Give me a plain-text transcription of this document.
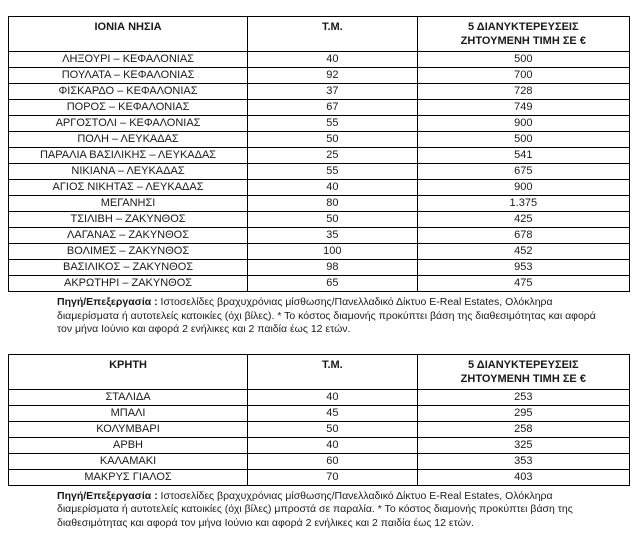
ΙΟΝΙΑ ΝΗΣΙΑ	Τ.Μ.	5 ΔΙΑΝΥΚΤΕΡΕΥΣΕΙΣ
ΖΗΤΟΥΜΕΝΗ ΤΙΜΗ ΣΕ €

ΛΗΞΟΥΡΙ – ΚΕΦΑΛΟΝΙΑΣ	40	500
ΠΟΥΛΑΤΑ – ΚΕΦΑΛΟΝΙΑΣ	92	700
ΦΙΣΚΑΡΔΟ – ΚΕΦΑΛΟΝΙΑΣ	37	728
ΠΟΡΟΣ – ΚΕΦΑΛΟΝΙΑΣ	67	749
ΑΡΓΟΣΤΟΛΙ – ΚΕΦΑΛΟΝΙΑΣ	55	900
ΠΟΛΗ – ΛΕΥΚΑΔΑΣ	50	500
ΠΑΡΑΛΙΑ ΒΑΣΙΛΙΚΗΣ – ΛΕΥΚΑΔΑΣ	25	541
ΝΙΚΙΑΝΑ – ΛΕΥΚΑΔΑΣ	55	675
ΑΓΙΟΣ ΝΙΚΗΤΑΣ – ΛΕΥΚΑΔΑΣ	40	900
ΜΕΓΑΝΗΣΙ	80	1.375
ΤΣΙΛΙΒΗ – ΖΑΚΥΝΘΟΣ	50	425
ΛΑΓΑΝΑΣ – ΖΑΚΥΝΘΟΣ	35	678
ΒΟΛΙΜΕΣ – ΖΑΚΥΝΘΟΣ	100	452
ΒΑΣΙΛΙΚΟΣ – ΖΑΚΥΝΘΟΣ	98	953
ΑΚΡΩΤΗΡΙ – ΖΑΚΥΝΘΟΣ	65	475

Πηγή/Επεξεργασία : Ιστοσελίδες βραχυχρόνιας μίσθωσης/Πανελλαδικό Δίκτυο E-Real Estates, Ολόκληρα διαμερίσματα ή αυτοτελείς κατοικίες (όχι βίλες). * Το κόστος διαμονής προκύπτει βάση της διαθεσιμότητας και αφορά τον μήνα Ιούνιο και αφορά 2 ενήλικες και 2 παιδία έως 12 ετών.

ΚΡΗΤΗ	Τ.Μ.	5 ΔΙΑΝΥΚΤΕΡΕΥΣΕΙΣ
ΖΗΤΟΥΜΕΝΗ ΤΙΜΗ ΣΕ €

ΣΤΑΛΙΔΑ	40	253
ΜΠΑΛΙ	45	295
ΚΟΛΥΜΒΑΡΙ	50	258
ΑΡΒΗ	40	325
ΚΑΛΑΜΑΚΙ	60	353
ΜΑΚΡΥΣ ΓΙΑΛΟΣ	70	403

Πηγή/Επεξεργασία : Ιστοσελίδες βραχυχρόνιας μίσθωσης/Πανελλαδικό Δίκτυο E-Real Estates, Ολόκληρα διαμερίσματα ή αυτοτελείς κατοικίες (όχι βίλες) μπροστά σε παραλία. * Το κόστος διαμονής προκύπτει βάση της διαθεσιμότητας και αφορά τον μήνα Ιούνιο και αφορά 2 ενήλικες και 2 παιδία έως 12 ετών.
